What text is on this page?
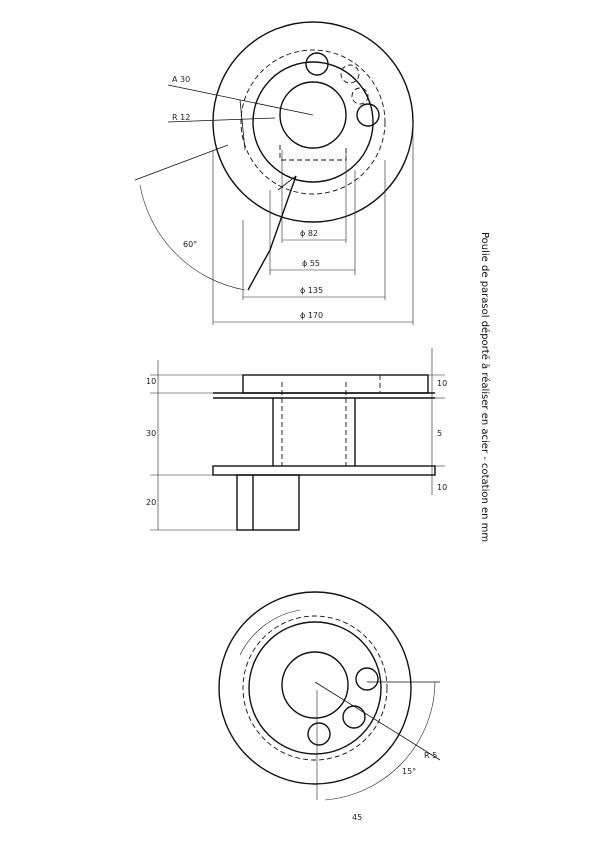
ϕ 82
ϕ 55
ϕ 135
ϕ 170
A 30
R 12
60°
10
30
20
10
5
10
15°
R 5
45
Poulie de parasol déporté à réaliser en acier - cotation en mm
